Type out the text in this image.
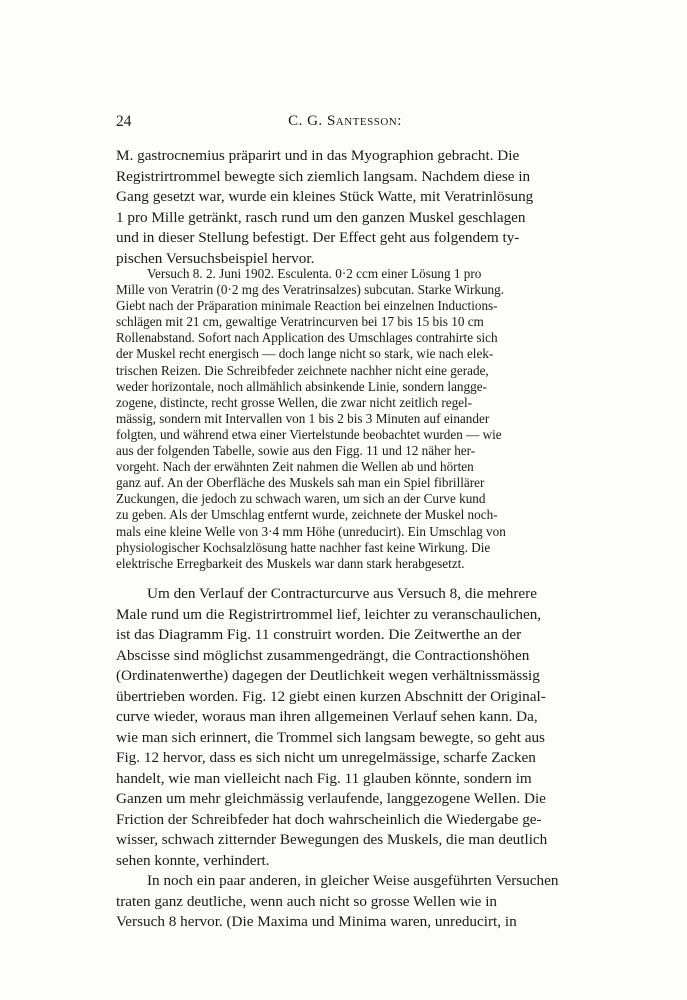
24	C. G. Santesson:
M. gastrocnemius präparirt und in das Myographion gebracht. Die
Registrirtrommel bewegte sich ziemlich langsam. Nachdem diese in
Gang gesetzt war, wurde ein kleines Stück Watte, mit Veratrinlösung
1 pro Mille getränkt, rasch rund um den ganzen Muskel geschlagen
und in dieser Stellung befestigt. Der Effect geht aus folgendem ty-
pischen Versuchsbeispiel hervor.
Versuch 8. 2. Juni 1902. Esculenta. 0·2 ccm einer Lösung 1 pro
Mille von Veratrin (0·2 mg des Veratrinsalzes) subcutan. Starke Wirkung.
Giebt nach der Präparation minimale Reaction bei einzelnen Inductions-
schlägen mit 21 cm, gewaltige Veratrincurven bei 17 bis 15 bis 10 cm
Rollenabstand. Sofort nach Application des Umschlages contrahirte sich
der Muskel recht energisch — doch lange nicht so stark, wie nach elek-
trischen Reizen. Die Schreibfeder zeichnete nachher nicht eine gerade,
weder horizontale, noch allmählich absinkende Linie, sondern langge-
zogene, distincte, recht grosse Wellen, die zwar nicht zeitlich regel-
mässig, sondern mit Intervallen von 1 bis 2 bis 3 Minuten auf einander
folgten, und während etwa einer Viertelstunde beobachtet wurden — wie
aus der folgenden Tabelle, sowie aus den Figg. 11 und 12 näher her-
vorgeht. Nach der erwähnten Zeit nahmen die Wellen ab und hörten
ganz auf. An der Oberfläche des Muskels sah man ein Spiel fibrillärer
Zuckungen, die jedoch zu schwach waren, um sich an der Curve kund
zu geben. Als der Umschlag entfernt wurde, zeichnete der Muskel noch-
mals eine kleine Welle von 3·4 mm Höhe (unreducirt). Ein Umschlag von
physiologischer Kochsalzlösung hatte nachher fast keine Wirkung. Die
elektrische Erregbarkeit des Muskels war dann stark herabgesetzt.
Um den Verlauf der Contracturcurve aus Versuch 8, die mehrere
Male rund um die Registrirtrommel lief, leichter zu veranschaulichen,
ist das Diagramm Fig. 11 construirt worden. Die Zeitwerthe an der
Abscisse sind möglichst zusammengedrängt, die Contractionshöhen
(Ordinatenwerthe) dagegen der Deutlichkeit wegen verhältnissmässig
übertrieben worden. Fig. 12 giebt einen kurzen Abschnitt der Original-
curve wieder, woraus man ihren allgemeinen Verlauf sehen kann. Da,
wie man sich erinnert, die Trommel sich langsam bewegte, so geht aus
Fig. 12 hervor, dass es sich nicht um unregelmässige, scharfe Zacken
handelt, wie man vielleicht nach Fig. 11 glauben könnte, sondern im
Ganzen um mehr gleichmässig verlaufende, langgezogene Wellen. Die
Friction der Schreibfeder hat doch wahrscheinlich die Wiedergabe ge-
wisser, schwach zitternder Bewegungen des Muskels, die man deutlich
sehen konnte, verhindert.
In noch ein paar anderen, in gleicher Weise ausgeführten Versuchen
traten ganz deutliche, wenn auch nicht so grosse Wellen wie in
Versuch 8 hervor. (Die Maxima und Minima waren, unreducirt, in
